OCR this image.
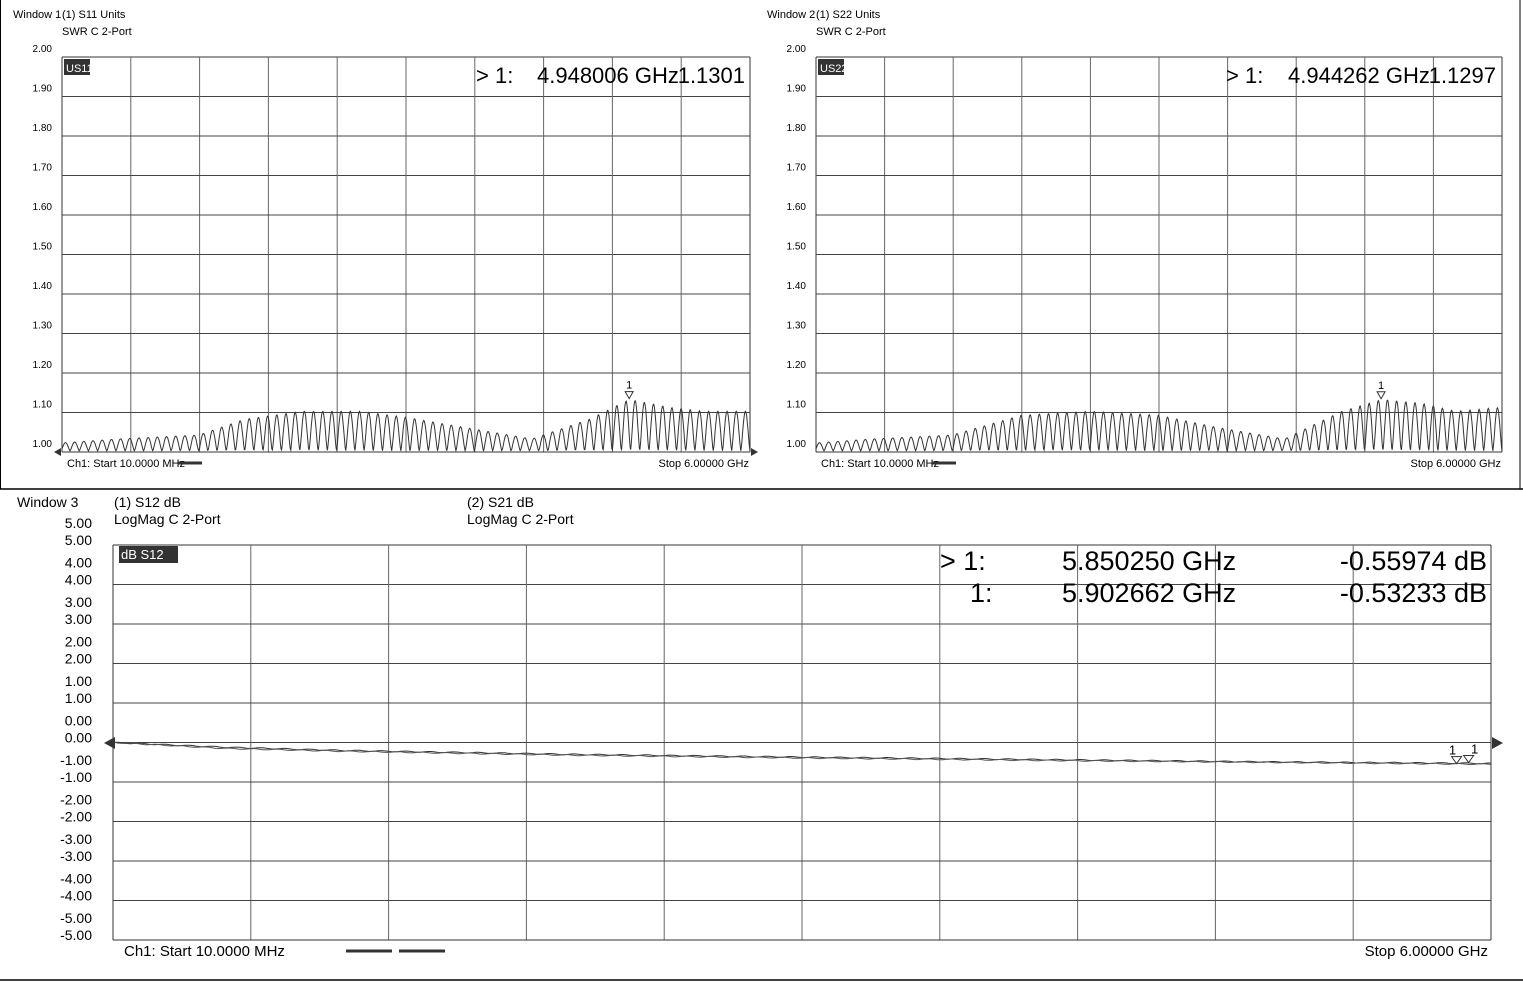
Window 1 (1) S11 Units
SWR C 2-Port
2.00
1.90
1.80
1.70
1.60
1.50
1.40
1.30
1.20
1.10
1.00
US11	> 1: 4.948006 GHz
1.1301
1
Ch1: Start 10.0000 MHz	Stop 6.00000 GHz
Window 2 (1) S22 Units
SWR C 2-Port
2.00
1.90
1.80
1.70
1.60
1.50
1.40
1.30
1.20
1.10
1.00
US22	> 1: 4.944262 GHz
1.1297
1
Ch1: Start 10.0000 MHz	Stop 6.00000 GHz
Window 3	(1) S12 dB
LogMag C 2-Port
(2) S21 dB
LogMag C 2-Port
5.00
5.00
4.00
4.00
3.00
3.00
2.00
2.00
1.00
1.00
0.00
0.00
-1.00
-1.00
-2.00
-2.00
-3.00
-3.00
-4.00
-4.00
-5.00
-5.00
dB S12	> 1:	5.850250 GHz	-0.55974 dB
1:	5.902662 GHz	-0.53233 dB
1 1
Ch1: Start 10.0000 MHz	Stop 6.00000 GHz
